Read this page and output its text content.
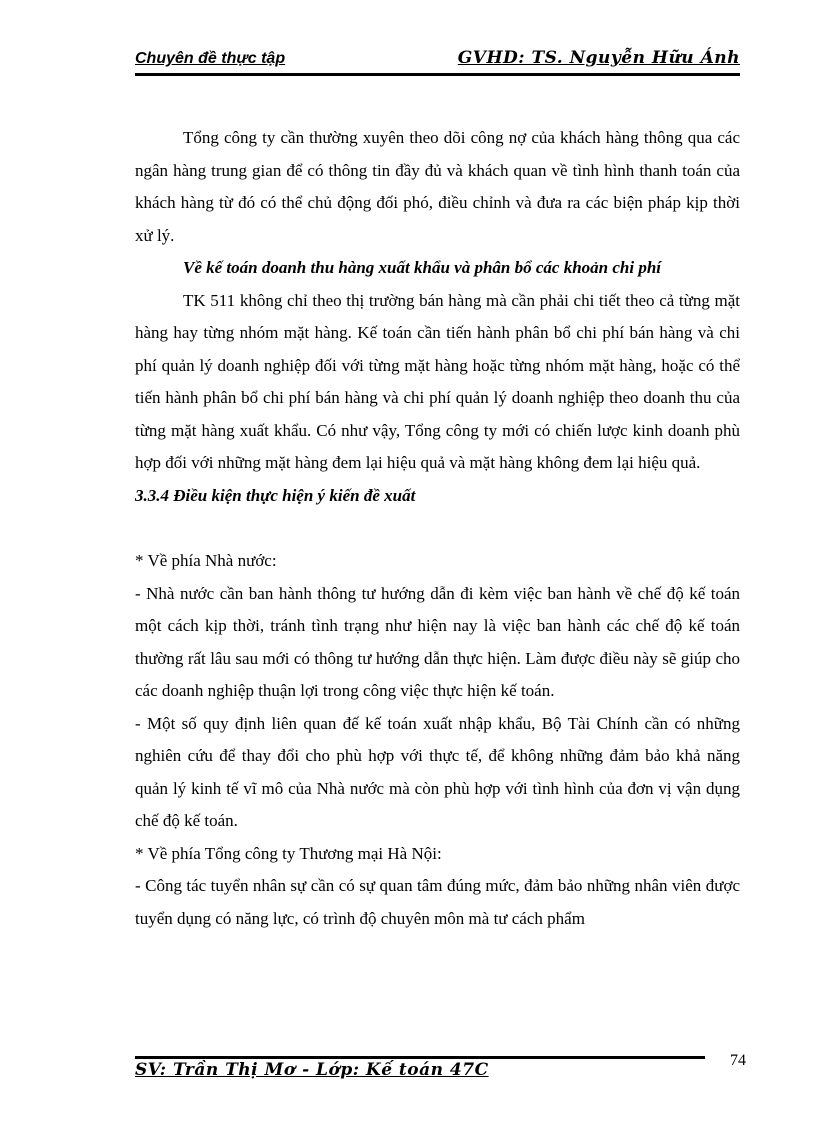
Chuyên đề thực tập	GVHD: TS. Nguyễn Hữu Ánh

Tổng công ty cần thường xuyên theo dõi công nợ của khách hàng thông qua các ngân hàng trung gian để có thông tin đầy đủ và khách quan về tình hình thanh toán của khách hàng từ đó có thể chủ động đối phó, điều chỉnh và đưa ra các biện pháp kịp thời xử lý.

Về kế toán doanh thu hàng xuất khẩu và phân bổ các khoản chi phí

TK 511 không chỉ theo thị trường bán hàng mà cần phải chi tiết theo cả từng mặt hàng hay từng nhóm mặt hàng. Kế toán cần tiến hành phân bổ chi phí bán hàng và chi phí quản lý doanh nghiệp đối với từng mặt hàng hoặc từng nhóm mặt hàng, hoặc có thể tiến hành phân bổ chi phí bán hàng và chi phí quản lý doanh nghiệp theo doanh thu của từng mặt hàng xuất khẩu. Có như vậy, Tổng công ty mới có chiến lược kinh doanh phù hợp đối với những mặt hàng đem lại hiệu quả và mặt hàng không đem lại hiệu quả.

3.3.4 Điều kiện thực hiện ý kiến đề xuất

* Về phía Nhà nước:

- Nhà nước cần ban hành thông tư hướng dẫn đi kèm việc ban hành về chế độ kế toán một cách kịp thời, tránh tình trạng như hiện nay là việc ban hành các chế độ kế toán thường rất lâu sau mới có thông tư hướng dẫn thực hiện. Làm được điều này sẽ giúp cho các doanh nghiệp thuận lợi trong công việc thực hiện kế toán.

- Một số quy định liên quan đế kế toán xuất nhập khẩu, Bộ Tài Chính cần có những nghiên cứu để thay đổi cho phù hợp với thực tế, để không những đảm bảo khả năng quản lý kinh tế vĩ mô của Nhà nước mà còn phù hợp với tình hình của đơn vị vận dụng chế độ kế toán.

* Về phía Tổng công ty Thương mại Hà Nội:

- Công tác tuyển nhân sự cần có sự quan tâm đúng mức, đảm bảo những nhân viên được tuyển dụng có năng lực, có trình độ chuyên môn mà tư cách phẩm

SV: Trần Thị Mơ - Lớp: Kế toán 47C	74
